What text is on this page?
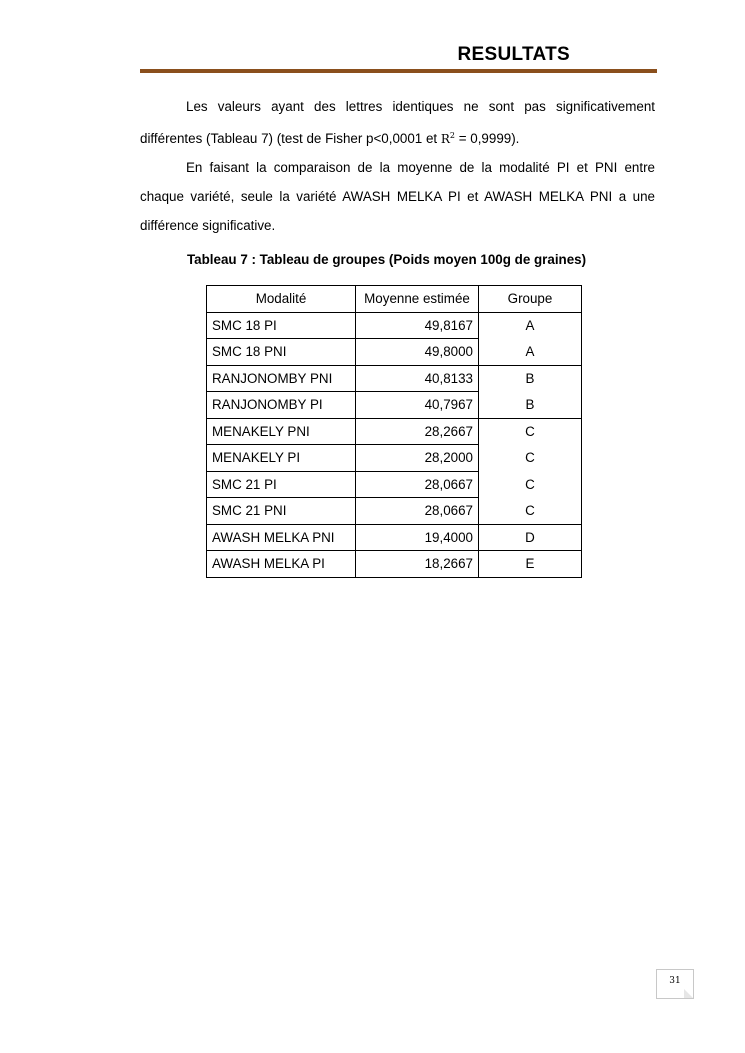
RESULTATS
Les valeurs ayant des lettres identiques ne sont pas significativement différentes (Tableau 7) (test de Fisher p<0,0001 et $R^2 = 0,9999$).
En faisant la comparaison de la moyenne de la modalité PI et PNI entre chaque variété, seule la variété AWASH MELKA PI et AWASH MELKA PNI a une différence significative.
Tableau 7 : Tableau de groupes (Poids moyen 100g de graines)
Modalité	Moyenne estimée	Groupe
SMC 18 PI	49,8167	A
SMC 18 PNI	49,8000	A
RANJONOMBY PNI	40,8133	B
RANJONOMBY PI	40,7967	B
MENAKELY PNI	28,2667	C
MENAKELY PI	28,2000	C
SMC 21 PI	28,0667	C
SMC 21 PNI	28,0667	C
AWASH MELKA PNI	19,4000	D
AWASH MELKA PI	18,2667	E
31
